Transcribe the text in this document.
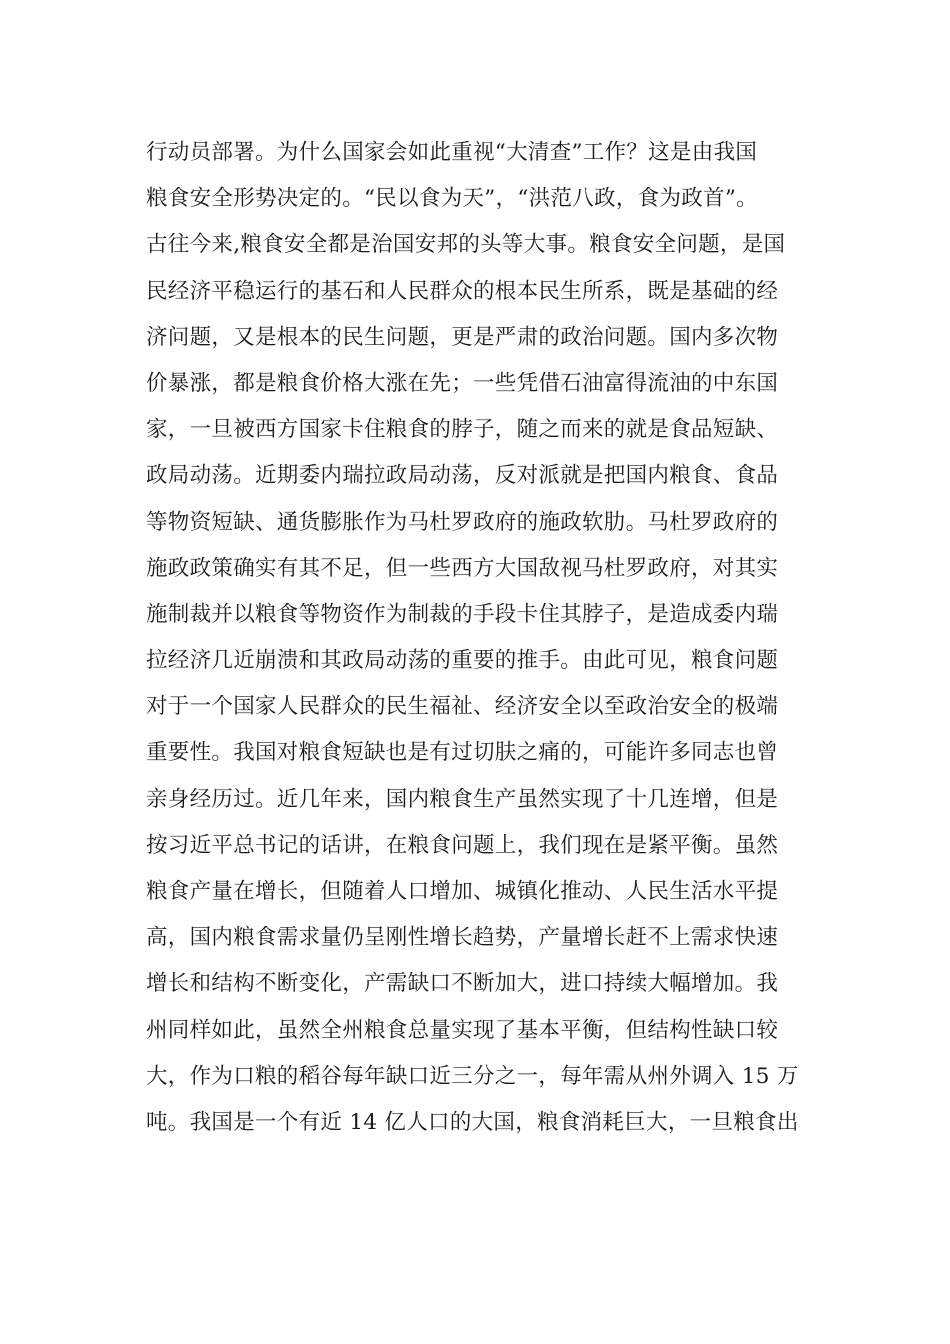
行动员部署。为什么国家会如此重视“大清查”工作？这是由我国
粮食安全形势决定的。“民以食为天”，“洪范八政，食为政首”。
古往今来,粮食安全都是治国安邦的头等大事。粮食安全问题，是国
民经济平稳运行的基石和人民群众的根本民生所系，既是基础的经
济问题，又是根本的民生问题，更是严肃的政治问题。国内多次物
价暴涨，都是粮食价格大涨在先；一些凭借石油富得流油的中东国
家，一旦被西方国家卡住粮食的脖子，随之而来的就是食品短缺、
政局动荡。近期委内瑞拉政局动荡，反对派就是把国内粮食、食品
等物资短缺、通货膨胀作为马杜罗政府的施政软肋。马杜罗政府的
施政政策确实有其不足，但一些西方大国敌视马杜罗政府，对其实
施制裁并以粮食等物资作为制裁的手段卡住其脖子，是造成委内瑞
拉经济几近崩溃和其政局动荡的重要的推手。由此可见，粮食问题
对于一个国家人民群众的民生福祉、经济安全以至政治安全的极端
重要性。我国对粮食短缺也是有过切肤之痛的，可能许多同志也曾
亲身经历过。近几年来，国内粮食生产虽然实现了十几连增，但是
按习近平总书记的话讲，在粮食问题上，我们现在是紧平衡。虽然
粮食产量在增长，但随着人口增加、城镇化推动、人民生活水平提
高，国内粮食需求量仍呈刚性增长趋势，产量增长赶不上需求快速
增长和结构不断变化，产需缺口不断加大，进口持续大幅增加。我
州同样如此，虽然全州粮食总量实现了基本平衡，但结构性缺口较
大，作为口粮的稻谷每年缺口近三分之一，每年需从州外调入 15 万
吨。我国是一个有近 14 亿人口的大国，粮食消耗巨大，一旦粮食出
